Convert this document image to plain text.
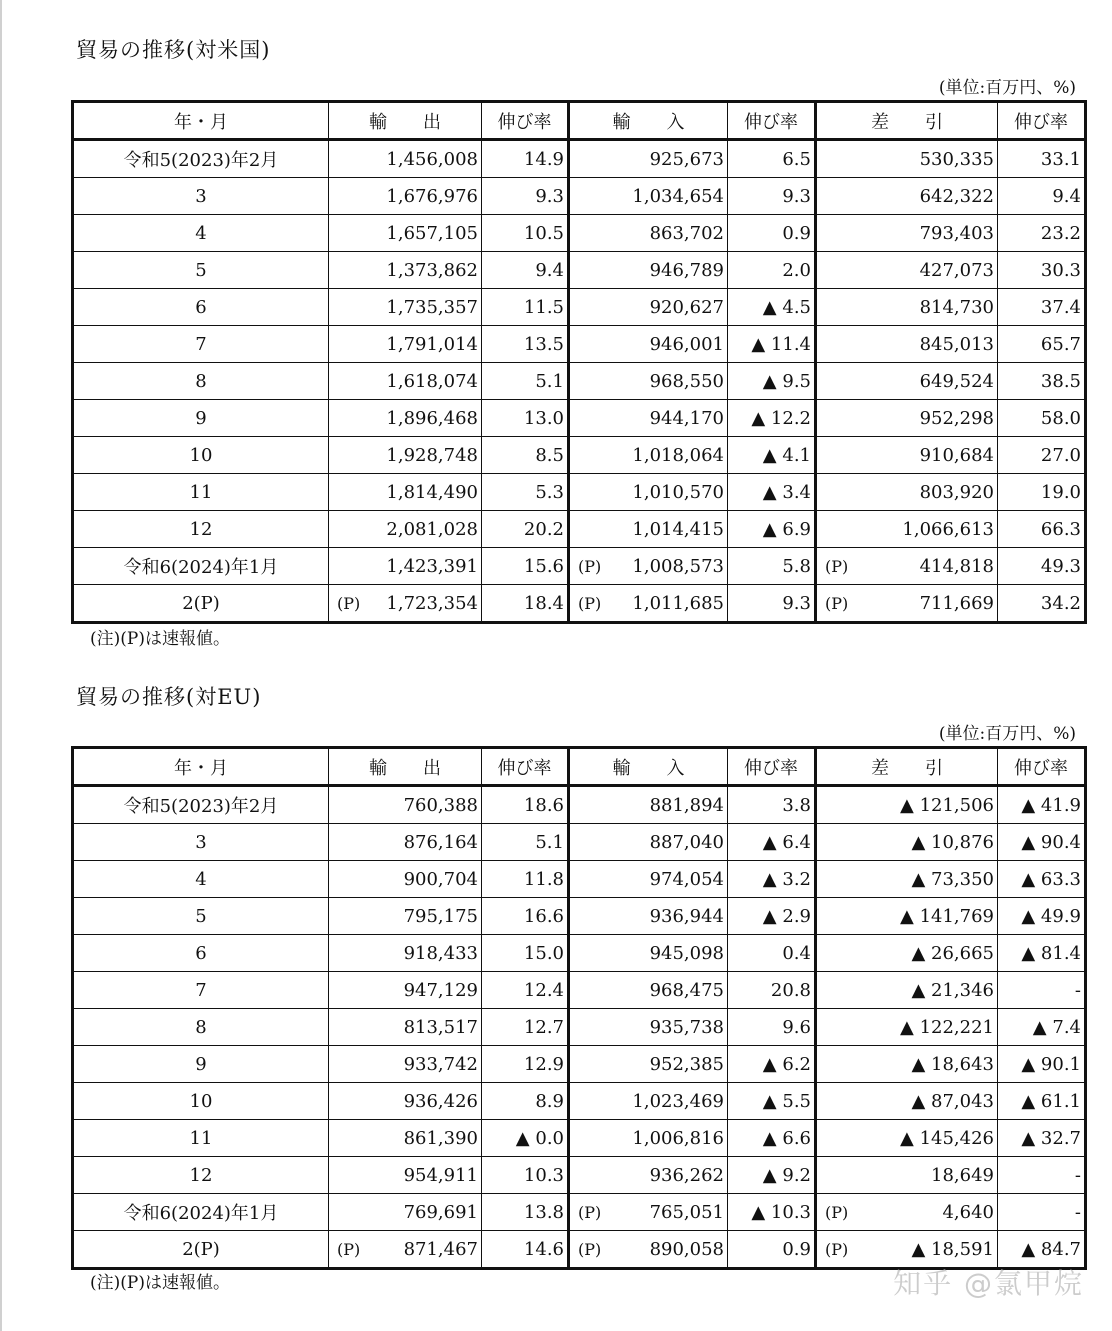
貿易の推移(対米国)
(単位:百万円、%)
年・月	輸　　出		伸び率	輸　　入		伸び率	差　　引		伸び率
令和5(2023)年2月		1,456,008	14.9		925,673	6.5		530,335	33.1
3		1,676,976	9.3		1,034,654	9.3		642,322	9.4
4		1,657,105	10.5		863,702	0.9		793,403	23.2
5		1,373,862	9.4		946,789	2.0		427,073	30.3
6		1,735,357	11.5		920,627	▲ 4.5		814,730	37.4
7		1,791,014	13.5		946,001	▲ 11.4		845,013	65.7
8		1,618,074	5.1		968,550	▲ 9.5		649,524	38.5
9		1,896,468	13.0		944,170	▲ 12.2		952,298	58.0
10		1,928,748	8.5		1,018,064	▲ 4.1		910,684	27.0
11		1,814,490	5.3		1,010,570	▲ 3.4		803,920	19.0
12		2,081,028	20.2		1,014,415	▲ 6.9		1,066,613	66.3
令和6(2024)年1月		1,423,391	15.6	(P)	1,008,573	5.8	(P)	414,818	49.3
2(P)	(P)	1,723,354	18.4	(P)	1,011,685	9.3	(P)	711,669	34.2
(注)(P)は速報値。
貿易の推移(対EU)
(単位:百万円、%)
年・月	輸　　出		伸び率	輸　　入		伸び率	差　　引		伸び率
令和5(2023)年2月		760,388	18.6		881,894	3.8		▲ 121,506	▲ 41.9
3		876,164	5.1		887,040	▲ 6.4		▲ 10,876	▲ 90.4
4		900,704	11.8		974,054	▲ 3.2		▲ 73,350	▲ 63.3
5		795,175	16.6		936,944	▲ 2.9		▲ 141,769	▲ 49.9
6		918,433	15.0		945,098	0.4		▲ 26,665	▲ 81.4
7		947,129	12.4		968,475	20.8		▲ 21,346	-
8		813,517	12.7		935,738	9.6		▲ 122,221	▲ 7.4
9		933,742	12.9		952,385	▲ 6.2		▲ 18,643	▲ 90.1
10		936,426	8.9		1,023,469	▲ 5.5		▲ 87,043	▲ 61.1
11		861,390	▲ 0.0		1,006,816	▲ 6.6		▲ 145,426	▲ 32.7
12		954,911	10.3		936,262	▲ 9.2		18,649	-
令和6(2024)年1月		769,691	13.8	(P)	765,051	▲ 10.3	(P)	4,640	-
2(P)	(P)	871,467	14.6	(P)	890,058	0.9	(P)	▲ 18,591	▲ 84.7
(注)(P)は速報値。	知乎 @氯甲烷
